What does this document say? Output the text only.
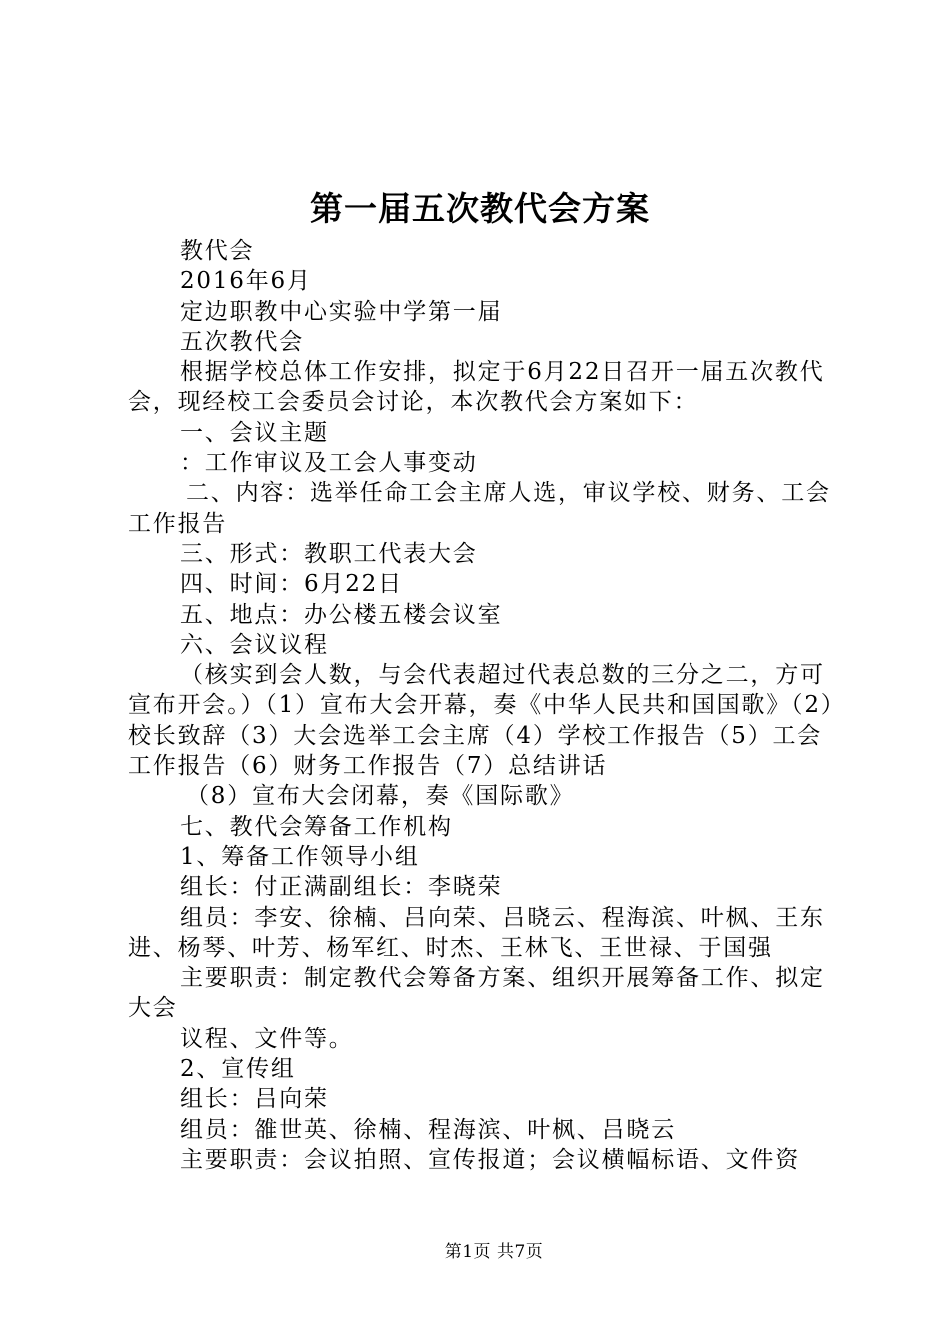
第一届五次教代会方案

教代会

2016年6月

定边职教中心实验中学第一届

五次教代会

根据学校总体工作安排，拟定于6月22日召开一届五次教代会，现经校工会委员会讨论，本次教代会方案如下：

一、会议主题

：工作审议及工会人事变动

二、内容：选举任命工会主席人选，审议学校、财务、工会工作报告

三、形式：教职工代表大会

四、时间：6月22日

五、地点：办公楼五楼会议室

六、会议议程

（核实到会人数，与会代表超过代表总数的三分之二，方可宣布开会。）（1）宣布大会开幕，奏《中华人民共和国国歌》（2）校长致辞（3）大会选举工会主席（4）学校工作报告（5）工会工作报告（6）财务工作报告（7）总结讲话

（8）宣布大会闭幕，奏《国际歌》

七、教代会筹备工作机构

1、筹备工作领导小组

组长：付正满副组长：李晓荣

组员：李安、徐楠、吕向荣、吕晓云、程海滨、叶枫、王东进、杨琴、叶芳、杨军红、时杰、王林飞、王世禄、于国强

主要职责：制定教代会筹备方案、组织开展筹备工作、拟定大会

议程、文件等。

2、宣传组

组长：吕向荣

组员：雒世英、徐楠、程海滨、叶枫、吕晓云

主要职责：会议拍照、宣传报道；会议横幅标语、文件资

第1页 共7页
